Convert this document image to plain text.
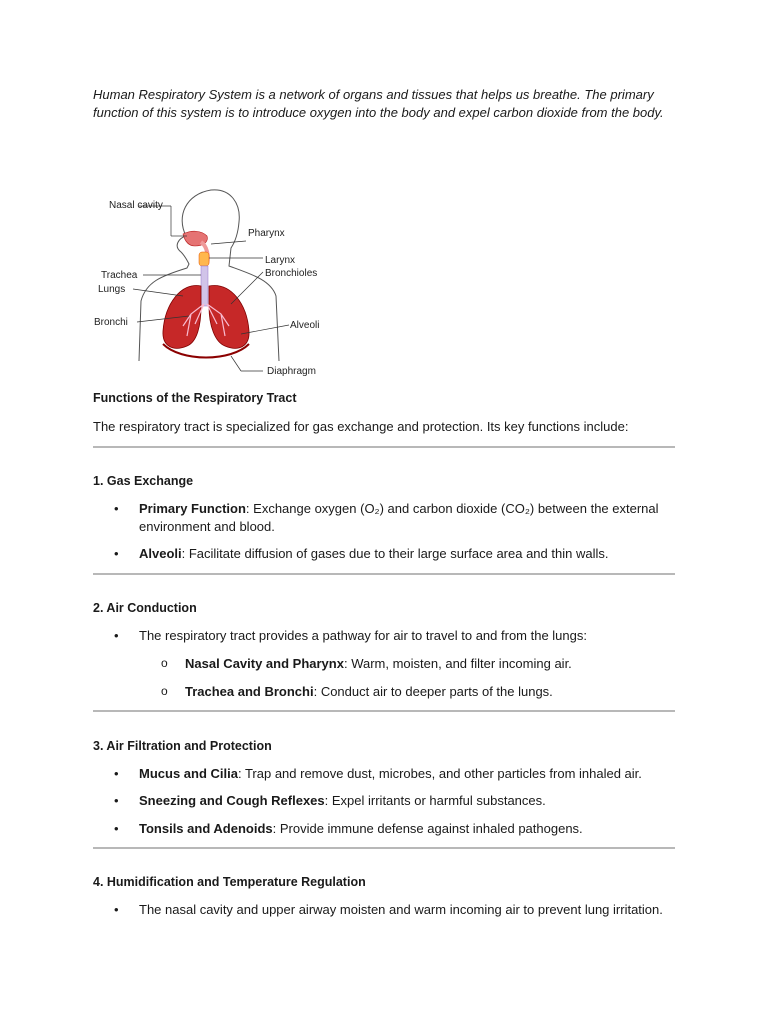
Human Respiratory System is a network of organs and tissues that helps us breathe. The primary function of this system is to introduce oxygen into the body and expel carbon dioxide from the body.
Nasal cavity
Pharynx
Larynx
Bronchioles
Trachea
Lungs
Bronchi	Alveoli
Diaphragm
Functions of the Respiratory Tract
The respiratory tract is specialized for gas exchange and protection. Its key functions include:
1. Gas Exchange
• Primary Function: Exchange oxygen (O₂) and carbon dioxide (CO₂) between the external environment and blood.
• Alveoli: Facilitate diffusion of gases due to their large surface area and thin walls.
2. Air Conduction
• The respiratory tract provides a pathway for air to travel to and from the lungs:
o Nasal Cavity and Pharynx: Warm, moisten, and filter incoming air.
o Trachea and Bronchi: Conduct air to deeper parts of the lungs.
3. Air Filtration and Protection
• Mucus and Cilia: Trap and remove dust, microbes, and other particles from inhaled air.
• Sneezing and Cough Reflexes: Expel irritants or harmful substances.
• Tonsils and Adenoids: Provide immune defense against inhaled pathogens.
4. Humidification and Temperature Regulation
• The nasal cavity and upper airway moisten and warm incoming air to prevent lung irritation.
